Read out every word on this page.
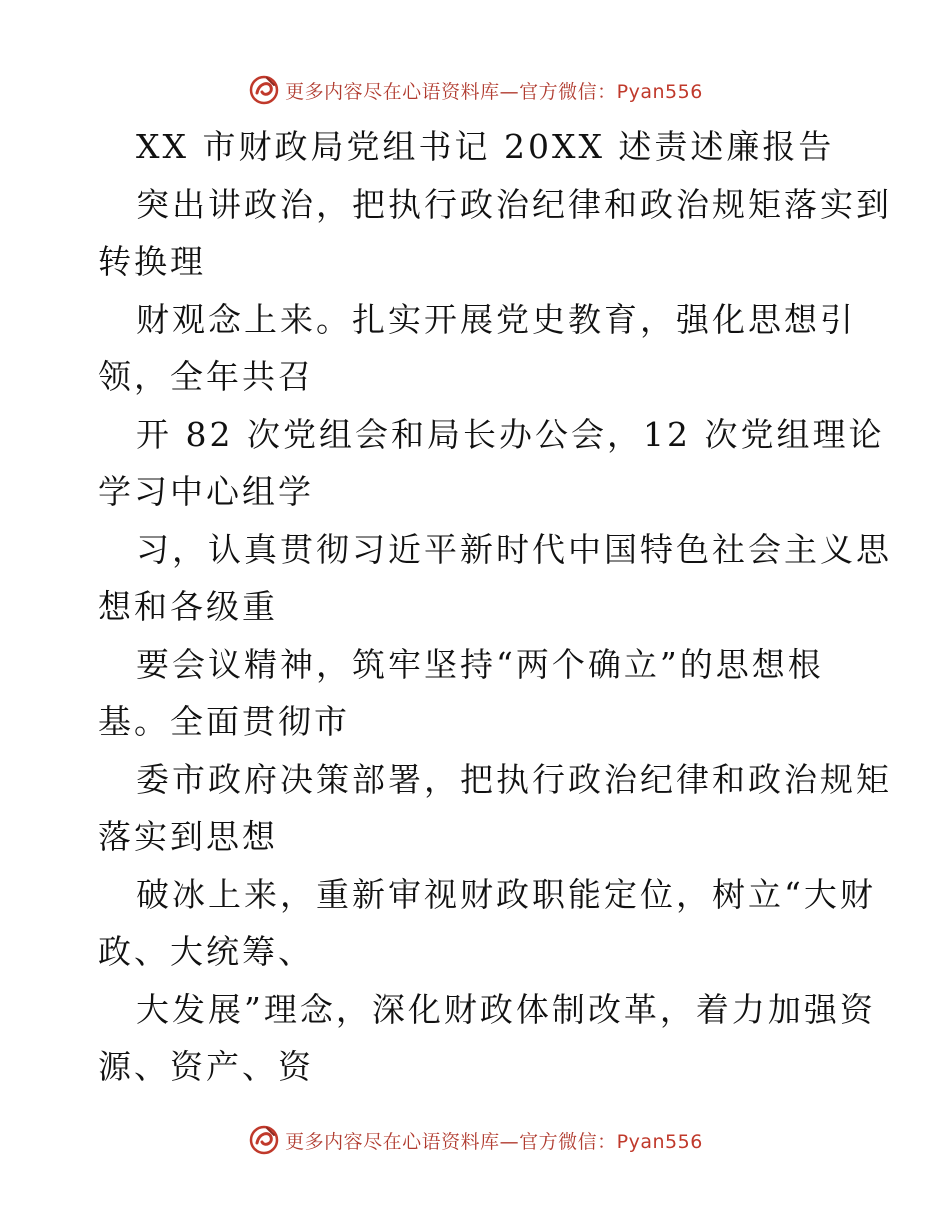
更多内容尽在心语资料库—官方微信：Pyan556
XX 市财政局党组书记 20XX 述责述廉报告
突出讲政治，把执行政治纪律和政治规矩落实到
转换理
财观念上来。扎实开展党史教育，强化思想引
领，全年共召
开 82 次党组会和局长办公会，12 次党组理论
学习中心组学
习，认真贯彻习近平新时代中国特色社会主义思
想和各级重
要会议精神，筑牢坚持“两个确立”的思想根
基。全面贯彻市
委市政府决策部署，把执行政治纪律和政治规矩
落实到思想
破冰上来，重新审视财政职能定位，树立“大财
政、大统筹、
大发展”理念，深化财政体制改革，着力加强资
源、资产、资
更多内容尽在心语资料库—官方微信：Pyan556
